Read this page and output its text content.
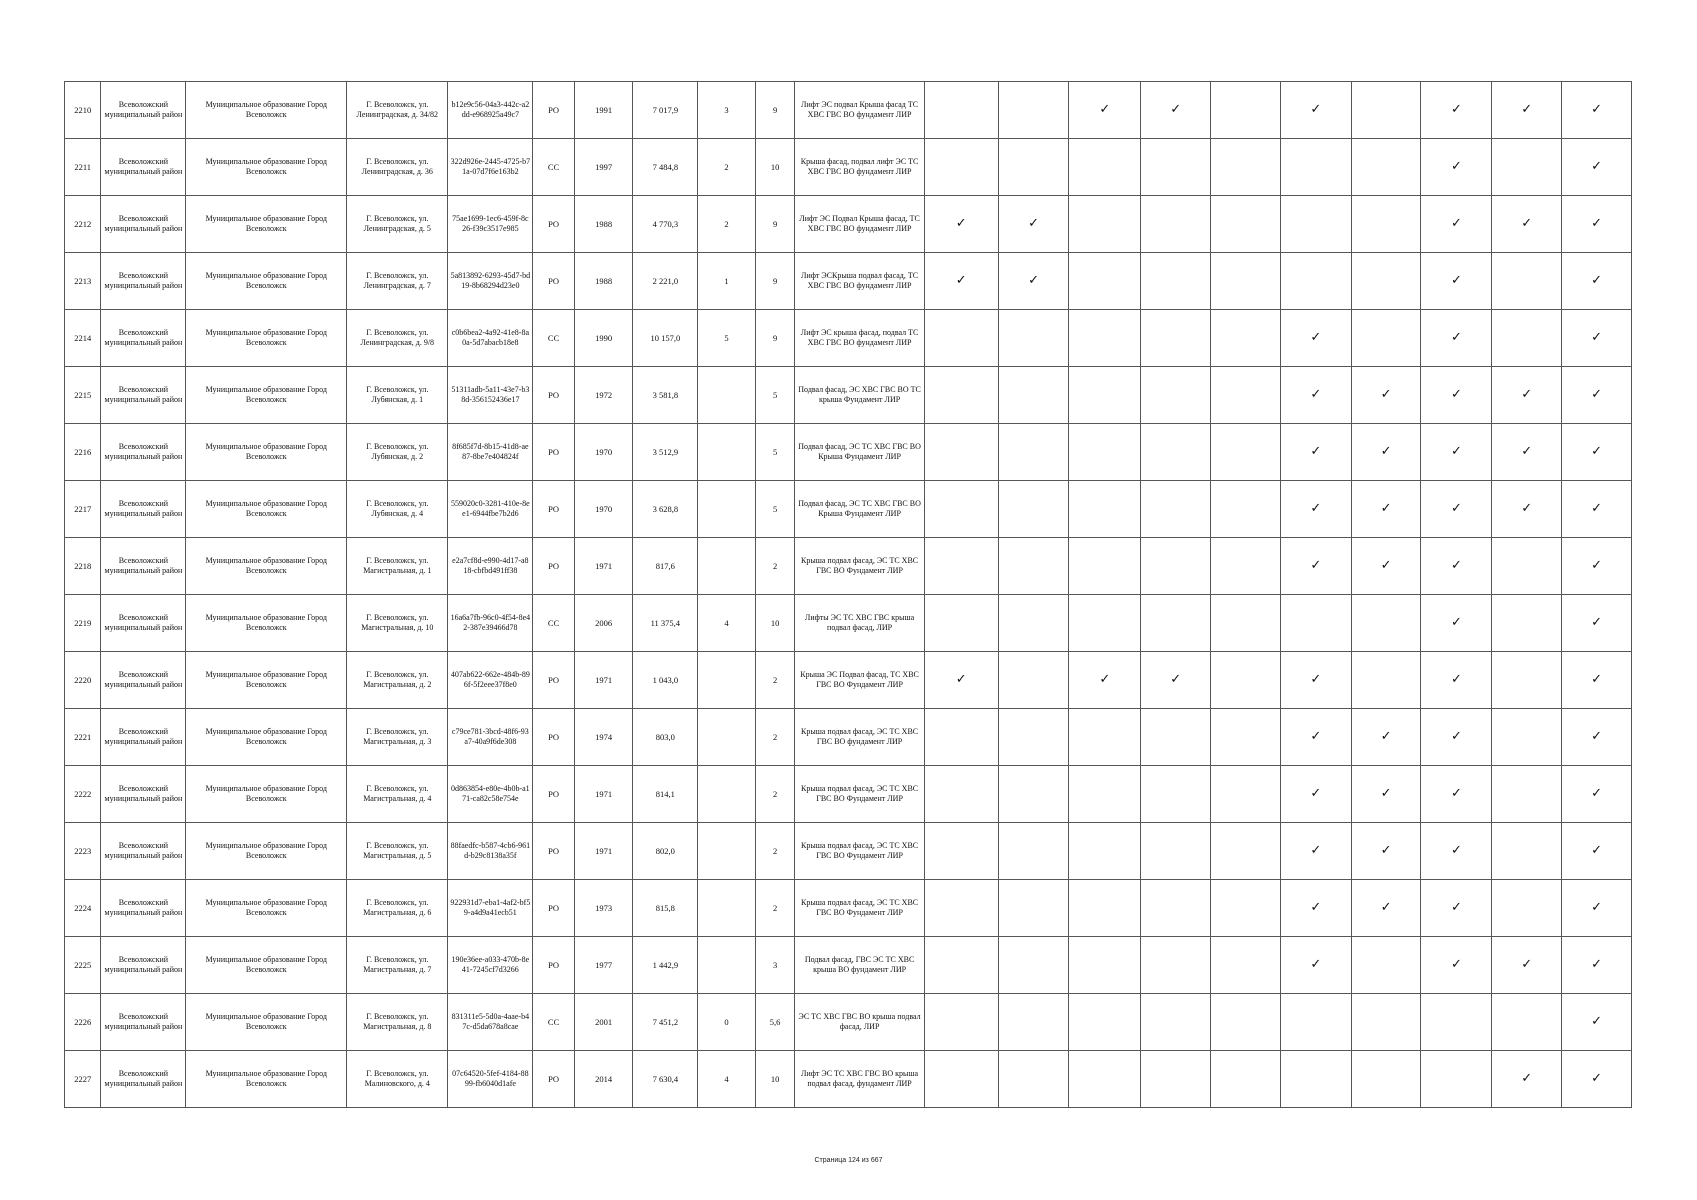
2210	Всеволожский муниципальный район	Муниципальное образование Город Всеволожск	Г. Всеволожск, ул. Ленинградская, д. 34/82	b12e9c56-04a3-442c-a2dd-e968925a49c7	РО	1991	7 017,9	3	9	Лифт ЭС подвал Крыша фасад ТС ХВС ГВС ВО фундамент ЛИР			✓	✓		✓		✓	✓	✓
2211	Всеволожский муниципальный район	Муниципальное образование Город Всеволожск	Г. Всеволожск, ул. Ленинградская, д. 36	322d926e-2445-4725-b71a-07d7f6e163b2	СС	1997	7 484,8	2	10	Крыша фасад, подвал лифт ЭС ТС ХВС ГВС ВО фундамент ЛИР								✓		✓
2212	Всеволожский муниципальный район	Муниципальное образование Город Всеволожск	Г. Всеволожск, ул. Ленинградская, д. 5	75ae1699-1ec6-459f-8c26-f39c3517e985	РО	1988	4 770,3	2	9	Лифт ЭС Подвал Крыша фасад, ТС ХВС ГВС ВО фундамент ЛИР	✓	✓						✓	✓	✓
2213	Всеволожский муниципальный район	Муниципальное образование Город Всеволожск	Г. Всеволожск, ул. Ленинградская, д. 7	5a813892-6293-45d7-bd19-8b68294d23e0	РО	1988	2 221,0	1	9	Лифт ЭСКрыша подвал фасад, ТС ХВС ГВС ВО фундамент ЛИР	✓	✓						✓		✓
2214	Всеволожский муниципальный район	Муниципальное образование Город Всеволожск	Г. Всеволожск, ул. Ленинградская, д. 9/8	c0b6bea2-4a92-41e8-8a0a-5d7abacb18e8	СС	1990	10 157,0	5	9	Лифт ЭС крыша фасад, подвал ТС ХВС ГВС ВО фундамент ЛИР						✓		✓		✓
2215	Всеволожский муниципальный район	Муниципальное образование Город Всеволожск	Г. Всеволожск, ул. Лубянская, д. 1	51311adb-5a11-43e7-b38d-356152436e17	РО	1972	3 581,8		5	Подвал фасад, ЭС ХВС ГВС ВО ТС крыша Фундамент ЛИР						✓	✓	✓	✓	✓
2216	Всеволожский муниципальный район	Муниципальное образование Город Всеволожск	Г. Всеволожск, ул. Лубянская, д. 2	8f685f7d-8b15-41d8-ae87-8be7e404824f	РО	1970	3 512,9		5	Подвал фасад, ЭС ТС ХВС ГВС ВО Крыша Фундамент ЛИР						✓	✓	✓	✓	✓
2217	Всеволожский муниципальный район	Муниципальное образование Город Всеволожск	Г. Всеволожск, ул. Лубянская, д. 4	559020c0-3281-410e-8ee1-6944fbe7b2d6	РО	1970	3 628,8		5	Подвал фасад, ЭС ТС ХВС ГВС ВО Крыша Фундамент ЛИР						✓	✓	✓	✓	✓
2218	Всеволожский муниципальный район	Муниципальное образование Город Всеволожск	Г. Всеволожск, ул. Магистральная, д. 1	e2a7cf8d-e990-4d17-a818-cbfbd491ff38	РО	1971	817,6		2	Крыша подвал фасад, ЭС ТС ХВС ГВС ВО Фундамент ЛИР						✓	✓	✓		✓
2219	Всеволожский муниципальный район	Муниципальное образование Город Всеволожск	Г. Всеволожск, ул. Магистральная, д. 10	16a6a7fb-96c0-4f54-8e42-387e39466d78	СС	2006	11 375,4	4	10	Лифты ЭС ТС ХВС ГВС крыша подвал фасад, ЛИР								✓		✓
2220	Всеволожский муниципальный район	Муниципальное образование Город Всеволожск	Г. Всеволожск, ул. Магистральная, д. 2	407ab622-662e-484b-896f-5f2eee37f8e0	РО	1971	1 043,0		2	Крыша ЭС Подвал фасад, ТС ХВС ГВС ВО Фундамент ЛИР	✓		✓	✓		✓		✓		✓
2221	Всеволожский муниципальный район	Муниципальное образование Город Всеволожск	Г. Всеволожск, ул. Магистральная, д. 3	c79ce781-3bcd-48f6-93a7-40a9f6de308	РО	1974	803,0		2	Крыша подвал фасад, ЭС ТС ХВС ГВС ВО фундамент ЛИР						✓	✓	✓		✓
2222	Всеволожский муниципальный район	Муниципальное образование Город Всеволожск	Г. Всеволожск, ул. Магистральная, д. 4	0d863854-e80e-4b0b-a171-ca82c58e754e	РО	1971	814,1		2	Крыша подвал фасад, ЭС ТС ХВС ГВС ВО Фундамент ЛИР						✓	✓	✓		✓
2223	Всеволожский муниципальный район	Муниципальное образование Город Всеволожск	Г. Всеволожск, ул. Магистральная, д. 5	88faedfc-b587-4cb6-961d-b29c8138a35f	РО	1971	802,0		2	Крыша подвал фасад, ЭС ТС ХВС ГВС ВО Фундамент ЛИР						✓	✓	✓		✓
2224	Всеволожский муниципальный район	Муниципальное образование Город Всеволожск	Г. Всеволожск, ул. Магистральная, д. 6	922931d7-eba1-4af2-bf59-a4d9a41ecb51	РО	1973	815,8		2	Крыша подвал фасад, ЭС ТС ХВС ГВС ВО Фундамент ЛИР						✓	✓	✓		✓
2225	Всеволожский муниципальный район	Муниципальное образование Город Всеволожск	Г. Всеволожск, ул. Магистральная, д. 7	190e36ee-a033-470b-8e41-7245cf7d3266	РО	1977	1 442,9		3	Подвал фасад, ГВС ЭС ТС ХВС крыша ВО фундамент ЛИР						✓		✓	✓	✓
2226	Всеволожский муниципальный район	Муниципальное образование Город Всеволожск	Г. Всеволожск, ул. Магистральная, д. 8	831311e5-5d0a-4aae-b47c-d5da678a8cae	СС	2001	7 451,2	0	5,6	ЭС ТС ХВС ГВС ВО крыша подвал фасад, ЛИР										✓
2227	Всеволожский муниципальный район	Муниципальное образование Город Всеволожск	Г. Всеволожск, ул. Малиновского, д. 4	07c64520-5fef-4184-8899-fb6040d1afe	РО	2014	7 630,4	4	10	Лифт ЭС ТС ХВС ГВС ВО крыша подвал фасад, фундамент ЛИР									✓	✓
Страница 124 из 667
